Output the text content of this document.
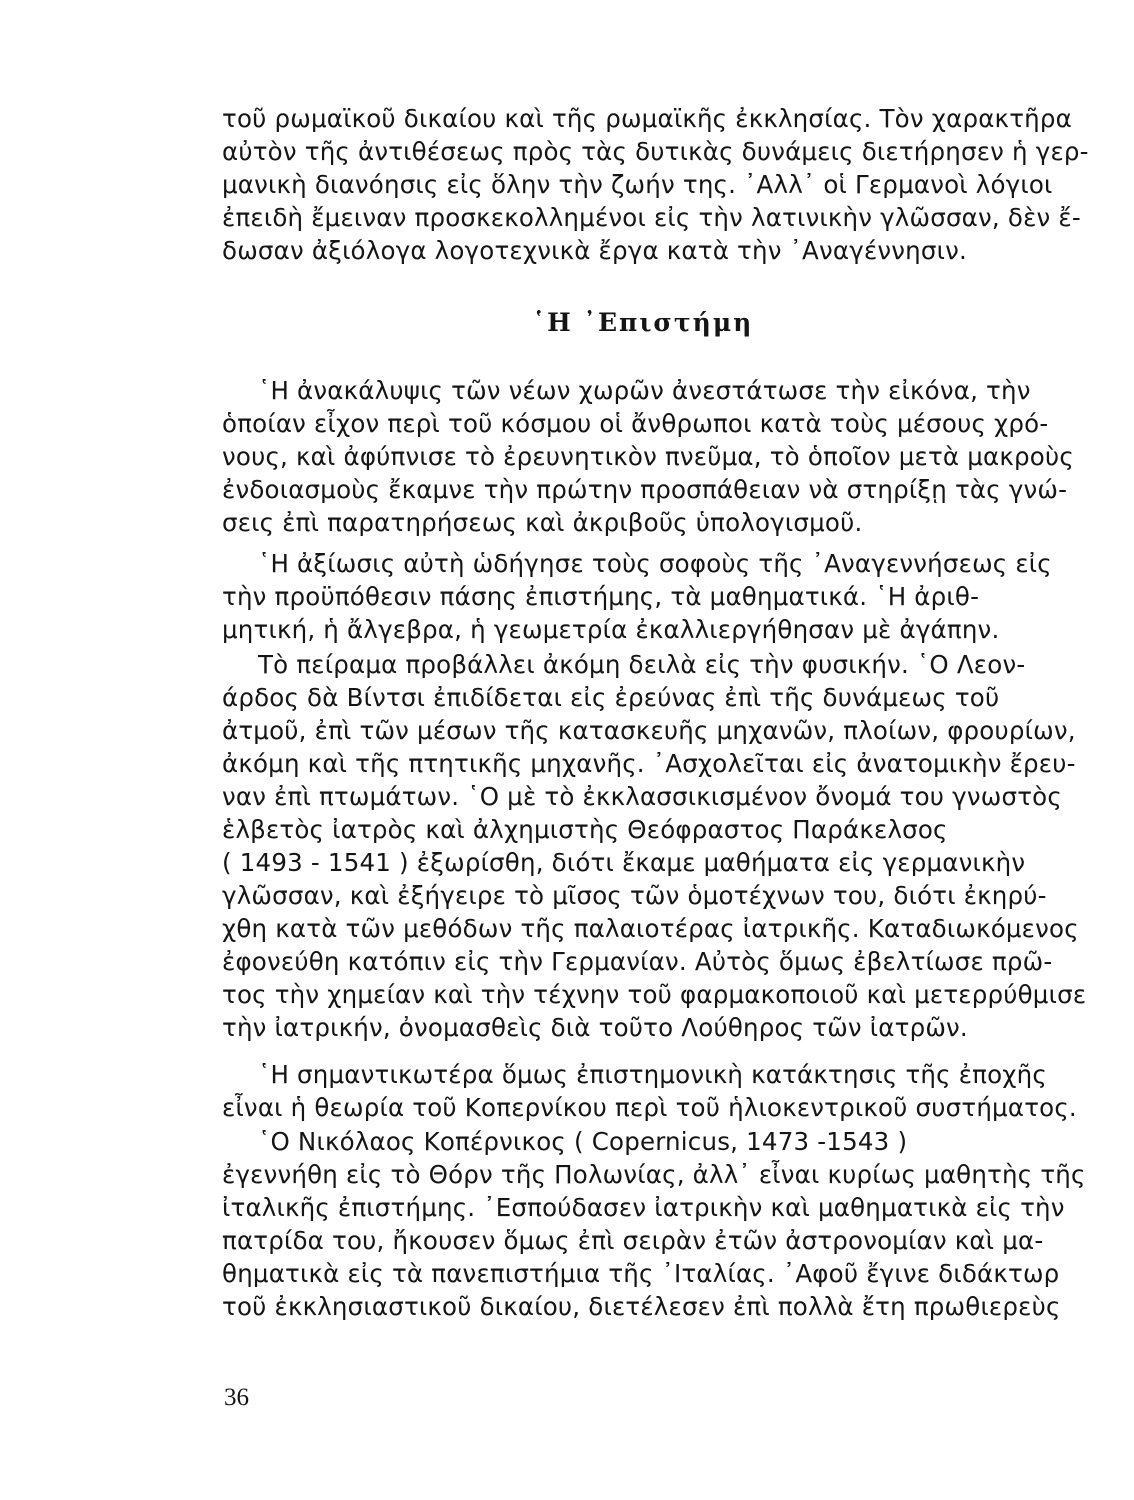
τοῦ ρωμαϊκοῦ δικαίου καὶ τῆς ρωμαϊκῆς ἐκκλησίας. Τὸν χαρακτῆρα
αὐτὸν τῆς ἀντιθέσεως πρὸς τὰς δυτικὰς δυνάμεις διετήρησεν ἡ γερ-
μανικὴ διανόησις εἰς ὅλην τὴν ζωήν της. ᾽Αλλ᾽ οἱ Γερμανοὶ λόγιοι
ἐπειδὴ ἔμειναν προσκεκολλημένοι εἰς τὴν λατινικὴν γλῶσσαν, δὲν ἔ-
δωσαν ἀξιόλογα λογοτεχνικὰ ἔργα κατὰ τὴν ᾽Αναγέννησιν.
῾Η ᾽Επιστήμη
῾Η ἀνακάλυψις τῶν νέων χωρῶν ἀνεστάτωσε τὴν εἰκόνα, τὴν
ὁποίαν εἶχον περὶ τοῦ κόσμου οἱ ἄνθρωποι κατὰ τοὺς μέσους χρό-
νους, καὶ ἀφύπνισε τὸ ἐρευνητικὸν πνεῦμα, τὸ ὁποῖον μετὰ μακροὺς
ἐνδοιασμοὺς ἔκαμνε τὴν πρώτην προσπάθειαν νὰ στηρίξῃ τὰς γνώ-
σεις ἐπὶ παρατηρήσεως καὶ ἀκριβοῦς ὑπολογισμοῦ.
῾Η ἀξίωσις αὐτὴ ὡδήγησε τοὺς σοφοὺς τῆς ᾽Αναγεννήσεως εἰς
τὴν προϋπόθεσιν πάσης ἐπιστήμης, τὰ μαθηματικά. ῾Η ἀριθ-
μητική, ἡ ἄλγεβρα, ἡ γεωμετρία ἐκαλλιεργήθησαν μὲ ἀγάπην.
Τὸ πείραμα προβάλλει ἀκόμη δειλὰ εἰς τὴν φυσικήν. ῾Ο Λεον-
άρδος δὰ Βίντσι ἐπιδίδεται εἰς ἐρεύνας ἐπὶ τῆς δυνάμεως τοῦ
ἀτμοῦ, ἐπὶ τῶν μέσων τῆς κατασκευῆς μηχανῶν, πλοίων, φρουρίων,
ἀκόμη καὶ τῆς πτητικῆς μηχανῆς. ᾽Ασχολεῖται εἰς ἀνατομικὴν ἔρευ-
ναν ἐπὶ πτωμάτων. ῾Ο μὲ τὸ ἐκκλασσικισμένον ὄνομά του γνωστὸς
ἑλβετὸς ἰατρὸς καὶ ἀλχημιστὴς Θεόφραστος Παράκελσος
( 1493 - 1541 ) ἐξωρίσθη, διότι ἔκαμε μαθήματα εἰς γερμανικὴν
γλῶσσαν, καὶ ἐξήγειρε τὸ μῖσος τῶν ὁμοτέχνων του, διότι ἐκηρύ-
χθη κατὰ τῶν μεθόδων τῆς παλαιοτέρας ἰατρικῆς. Καταδιωκόμενος
ἐφονεύθη κατόπιν εἰς τὴν Γερμανίαν. Αὐτὸς ὅμως ἐβελτίωσε πρῶ-
τος τὴν χημείαν καὶ τὴν τέχνην τοῦ φαρμακοποιοῦ καὶ μετερρύθμισε
τὴν ἰατρικήν, ὀνομασθεὶς διὰ τοῦτο Λούθηρος τῶν ἰατρῶν.
῾Η σημαντικωτέρα ὅμως ἐπιστημονικὴ κατάκτησις τῆς ἐποχῆς
εἶναι ἡ θεωρία τοῦ Κοπερνίκου περὶ τοῦ ἡλιοκεντρικοῦ συστήματος.
῾Ο Νικόλαος Κοπέρνικος ( Copernicus, 1473 -1543 )
ἐγεννήθη εἰς τὸ Θόρν τῆς Πολωνίας, ἀλλ᾽ εἶναι κυρίως μαθητὴς τῆς
ἰταλικῆς ἐπιστήμης. ᾽Εσπούδασεν ἰατρικὴν καὶ μαθηματικὰ εἰς τὴν
πατρίδα του, ἤκουσεν ὅμως ἐπὶ σειρὰν ἐτῶν ἀστρονομίαν καὶ μα-
θηματικὰ εἰς τὰ πανεπιστήμια τῆς ᾽Ιταλίας. ᾽Αφοῦ ἔγινε διδάκτωρ
τοῦ ἐκκλησιαστικοῦ δικαίου, διετέλεσεν ἐπὶ πολλὰ ἔτη πρωθιερεὺς
36
